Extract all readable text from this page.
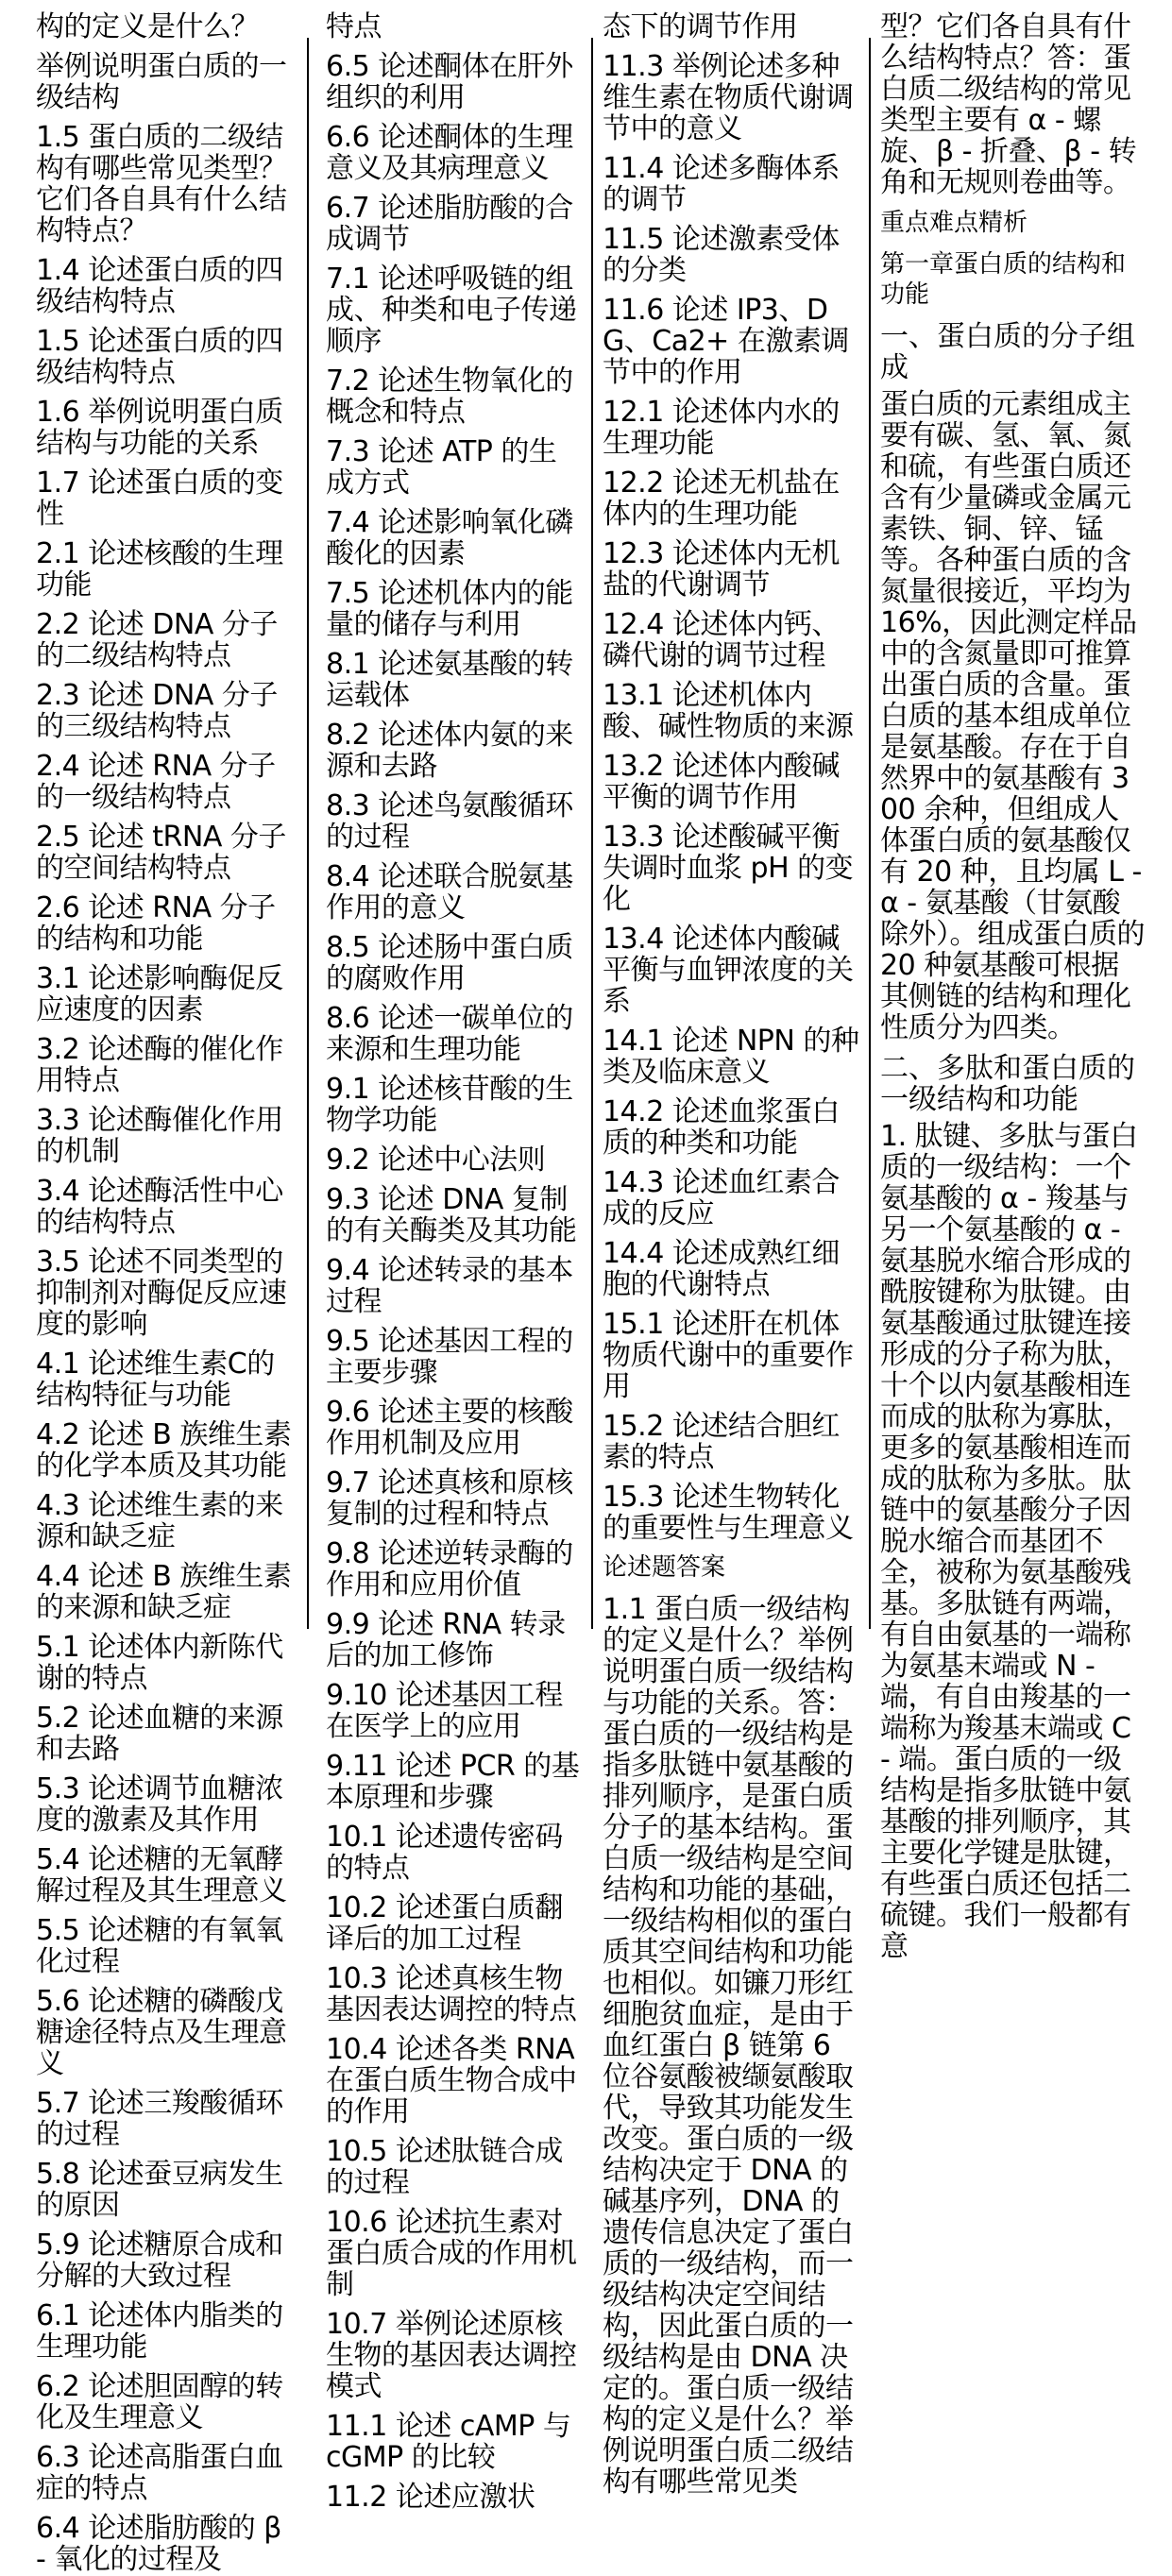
构的定义是什么？

举例说明蛋白质的一级结构

1.5 蛋白质的二级结构有哪些常见类型？它们各自具有什么结构特点？

1.4 论述蛋白质的四级结构特点

1.5 论述蛋白质的四级结构特点

1.6 举例说明蛋白质结构与功能的关系

1.7 论述蛋白质的变性

2.1 论述核酸的生理功能

2.2 论述 DNA 分子的二级结构特点

2.3 论述 DNA 分子的三级结构特点

2.4 论述 RNA 分子的一级结构特点

2.5 论述 tRNA 分子的空间结构特点

2.6 论述 RNA 分子的结构和功能

3.1 论述影响酶促反应速度的因素

3.2 论述酶的催化作用特点

3.3 论述酶催化作用的机制

3.4 论述酶活性中心的结构特点

3.5 论述不同类型的抑制剂对酶促反应速度的影响

4.1 论述维生素C的结构特征与功能

4.2 论述 B 族维生素的化学本质及其功能

4.3 论述维生素的来源和缺乏症

4.4 论述 B 族维生素的来源和缺乏症

5.1 论述体内新陈代谢的特点

5.2 论述血糖的来源和去路

5.3 论述调节血糖浓度的激素及其作用

5.4 论述糖的无氧酵解过程及其生理意义

5.5 论述糖的有氧氧化过程

5.6 论述糖的磷酸戊糖途径特点及生理意义

5.7 论述三羧酸循环的过程

5.8 论述蚕豆病发生的原因

5.9 论述糖原合成和分解的大致过程

6.1 论述体内脂类的生理功能

6.2 论述胆固醇的转化及生理意义

6.3 论述高脂蛋白血症的特点

6.4 论述脂肪酸的 β - 氧化的过程及

特点

6.5 论述酮体在肝外组织的利用

6.6 论述酮体的生理意义及其病理意义

6.7 论述脂肪酸的合成调节

7.1 论述呼吸链的组成、种类和电子传递顺序

7.2 论述生物氧化的概念和特点

7.3 论述 ATP 的生成方式

7.4 论述影响氧化磷酸化的因素

7.5 论述机体内的能量的储存与利用

8.1 论述氨基酸的转运载体

8.2 论述体内氨的来源和去路

8.3 论述鸟氨酸循环的过程

8.4 论述联合脱氨基作用的意义

8.5 论述肠中蛋白质的腐败作用

8.6 论述一碳单位的来源和生理功能

9.1 论述核苷酸的生物学功能

9.2 论述中心法则

9.3 论述 DNA 复制的有关酶类及其功能

9.4 论述转录的基本过程

9.5 论述基因工程的主要步骤

9.6 论述主要的核酸作用机制及应用

9.7 论述真核和原核复制的过程和特点

9.8 论述逆转录酶的作用和应用价值

9.9 论述 RNA 转录后的加工修饰

9.10 论述基因工程在医学上的应用

9.11 论述 PCR 的基本原理和步骤

10.1 论述遗传密码的特点

10.2 论述蛋白质翻译后的加工过程

10.3 论述真核生物基因表达调控的特点

10.4 论述各类 RNA 在蛋白质生物合成中的作用

10.5 论述肽链合成的过程

10.6 论述抗生素对蛋白质合成的作用机制

10.7 举例论述原核生物的基因表达调控模式

11.1 论述 cAMP 与 cGMP 的比较

11.2 论述应激状

态下的调节作用

11.3 举例论述多种维生素在物质代谢调节中的意义

11.4 论述多酶体系的调节

11.5 论述激素受体的分类

11.6 论述 IP3、DG、Ca2+ 在激素调节中的作用

12.1 论述体内水的生理功能

12.2 论述无机盐在体内的生理功能

12.3 论述体内无机盐的代谢调节

12.4 论述体内钙、磷代谢的调节过程

13.1 论述机体内酸、碱性物质的来源

13.2 论述体内酸碱平衡的调节作用

13.3 论述酸碱平衡失调时血浆 pH 的变化

13.4 论述体内酸碱平衡与血钾浓度的关系

14.1 论述 NPN 的种类及临床意义

14.2 论述血浆蛋白质的种类和功能

14.3 论述血红素合成的反应

14.4 论述成熟红细胞的代谢特点

15.1 论述肝在机体物质代谢中的重要作用

15.2 论述结合胆红素的特点

15.3 论述生物转化的重要性与生理意义

论述题答案

1.1 蛋白质一级结构的定义是什么？举例说明蛋白质一级结构与功能的关系。答：蛋白质的一级结构是指多肽链中氨基酸的排列顺序，是蛋白质分子的基本结构。蛋白质一级结构是空间结构和功能的基础，一级结构相似的蛋白质其空间结构和功能也相似。如镰刀形红细胞贫血症，是由于血红蛋白 β 链第 6 位谷氨酸被缬氨酸取代，导致其功能发生改变。蛋白质的一级结构决定于 DNA 的碱基序列，DNA 的遗传信息决定了蛋白质的一级结构，而一级结构决定空间结构，因此蛋白质的一级结构是由 DNA 决定的。蛋白质一级结构的定义是什么？举例说明蛋白质二级结构有哪些常见类

型？它们各自具有什么结构特点？答：蛋白质二级结构的常见类型主要有 α - 螺旋、β - 折叠、β - 转角和无规则卷曲等。

重点难点精析

第一章蛋白质的结构和功能

一、蛋白质的分子组成

蛋白质的元素组成主要有碳、氢、氧、氮和硫，有些蛋白质还含有少量磷或金属元素铁、铜、锌、锰等。各种蛋白质的含氮量很接近，平均为 16%，因此测定样品中的含氮量即可推算出蛋白质的含量。蛋白质的基本组成单位是氨基酸。存在于自然界中的氨基酸有 300 余种，但组成人体蛋白质的氨基酸仅有 20 种，且均属 L - α - 氨基酸（甘氨酸除外）。组成蛋白质的 20 种氨基酸可根据其侧链的结构和理化性质分为四类。

二、多肽和蛋白质的一级结构和功能

1. 肽键、多肽与蛋白质的一级结构：一个氨基酸的 α - 羧基与另一个氨基酸的 α - 氨基脱水缩合形成的酰胺键称为肽键。由氨基酸通过肽键连接形成的分子称为肽，十个以内氨基酸相连而成的肽称为寡肽，更多的氨基酸相连而成的肽称为多肽。肽链中的氨基酸分子因脱水缩合而基团不全，被称为氨基酸残基。多肽链有两端，有自由氨基的一端称为氨基末端或 N - 端，有自由羧基的一端称为羧基末端或 C - 端。蛋白质的一级结构是指多肽链中氨基酸的排列顺序，其主要化学键是肽键，有些蛋白质还包括二硫键。我们一般都有意
